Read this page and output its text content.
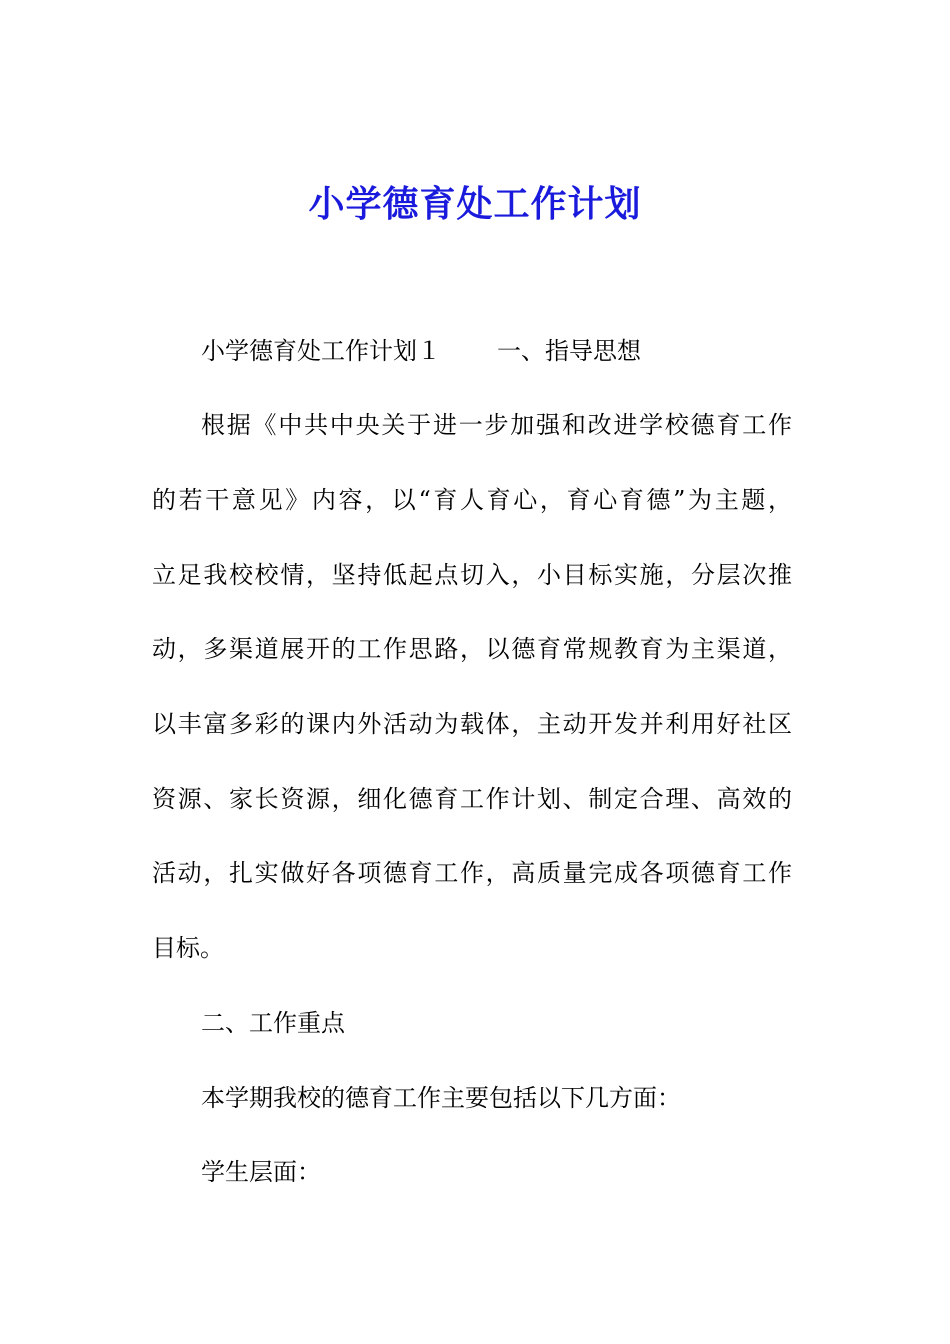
小学德育处工作计划

小学德育处工作计划１ 一、指导思想

根据《中共中央关于进一步加强和改进学校德育工作

的若干意见》内容，以“育人育心，育心育德”为主题，

立足我校校情，坚持低起点切入，小目标实施，分层次推

动，多渠道展开的工作思路，以德育常规教育为主渠道，

以丰富多彩的课内外活动为载体，主动开发并利用好社区

资源、家长资源，细化德育工作计划、制定合理、高效的

活动，扎实做好各项德育工作，高质量完成各项德育工作

目标。

二、工作重点

本学期我校的德育工作主要包括以下几方面：

学生层面：
